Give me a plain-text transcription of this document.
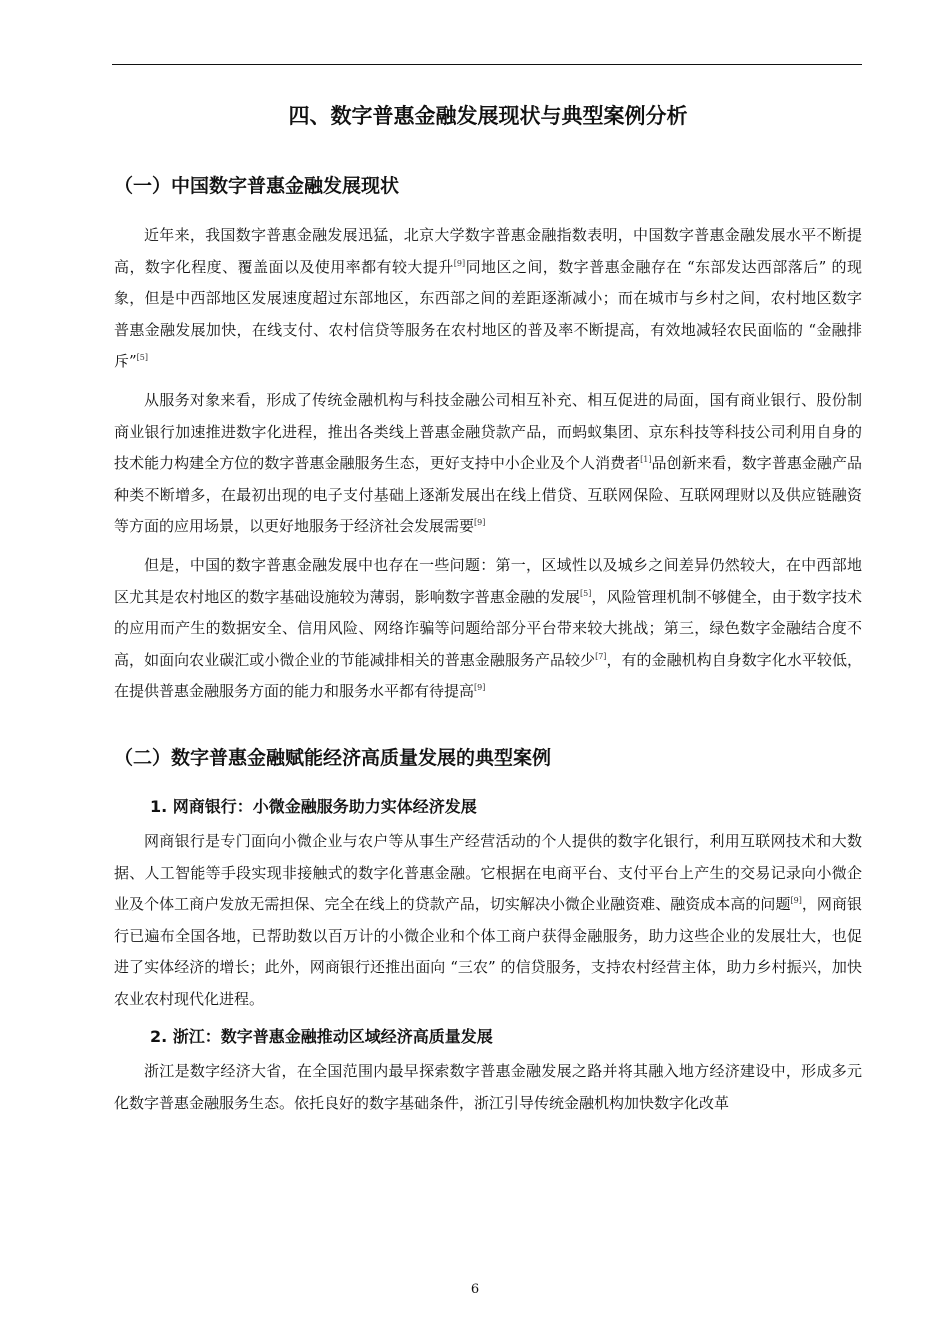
四、数字普惠金融发展现状与典型案例分析
（一）中国数字普惠金融发展现状

近年来，我国数字普惠金融发展迅猛，北京大学数字普惠金融指数表明，中国数字普惠金融发展水平不断提高，数字化程度、覆盖面以及使用率都有较大提升[9]同地区之间，数字普惠金融存在 “东部发达西部落后” 的现象，但是中西部地区发展速度超过东部地区，东西部之间的差距逐渐减小；而在城市与乡村之间，农村地区数字普惠金融发展加快，在线支付、农村信贷等服务在农村地区的普及率不断提高，有效地减轻农民面临的 “金融排斥”[5]

从服务对象来看，形成了传统金融机构与科技金融公司相互补充、相互促进的局面，国有商业银行、股份制商业银行加速推进数字化进程，推出各类线上普惠金融贷款产品，而蚂蚁集团、京东科技等科技公司利用自身的技术能力构建全方位的数字普惠金融服务生态，更好支持中小企业及个人消费者[1]品创新来看，数字普惠金融产品种类不断增多，在最初出现的电子支付基础上逐渐发展出在线上借贷、互联网保险、互联网理财以及供应链融资等方面的应用场景，以更好地服务于经济社会发展需要[9]

但是，中国的数字普惠金融发展中也存在一些问题：第一，区域性以及城乡之间差异仍然较大，在中西部地区尤其是农村地区的数字基础设施较为薄弱，影响数字普惠金融的发展[5]，风险管理机制不够健全，由于数字技术的应用而产生的数据安全、信用风险、网络诈骗等问题给部分平台带来较大挑战；第三，绿色数字金融结合度不高，如面向农业碳汇或小微企业的节能减排相关的普惠金融服务产品较少[7]，有的金融机构自身数字化水平较低，在提供普惠金融服务方面的能力和服务水平都有待提高[9]

（二）数字普惠金融赋能经济高质量发展的典型案例
1. 网商银行：小微金融服务助力实体经济发展

网商银行是专门面向小微企业与农户等从事生产经营活动的个人提供的数字化银行，利用互联网技术和大数据、人工智能等手段实现非接触式的数字化普惠金融。它根据在电商平台、支付平台上产生的交易记录向小微企业及个体工商户发放无需担保、完全在线上的贷款产品，切实解决小微企业融资难、融资成本高的问题[9]，网商银行已遍布全国各地，已帮助数以百万计的小微企业和个体工商户获得金融服务，助力这些企业的发展壮大，也促进了实体经济的增长；此外，网商银行还推出面向 “三农” 的信贷服务，支持农村经营主体，助力乡村振兴，加快农业农村现代化进程。

2. 浙江：数字普惠金融推动区域经济高质量发展

浙江是数字经济大省，在全国范围内最早探索数字普惠金融发展之路并将其融入地方经济建设中，形成多元化数字普惠金融服务生态。依托良好的数字基础条件，浙江引导传统金融机构加快数字化改革

6
